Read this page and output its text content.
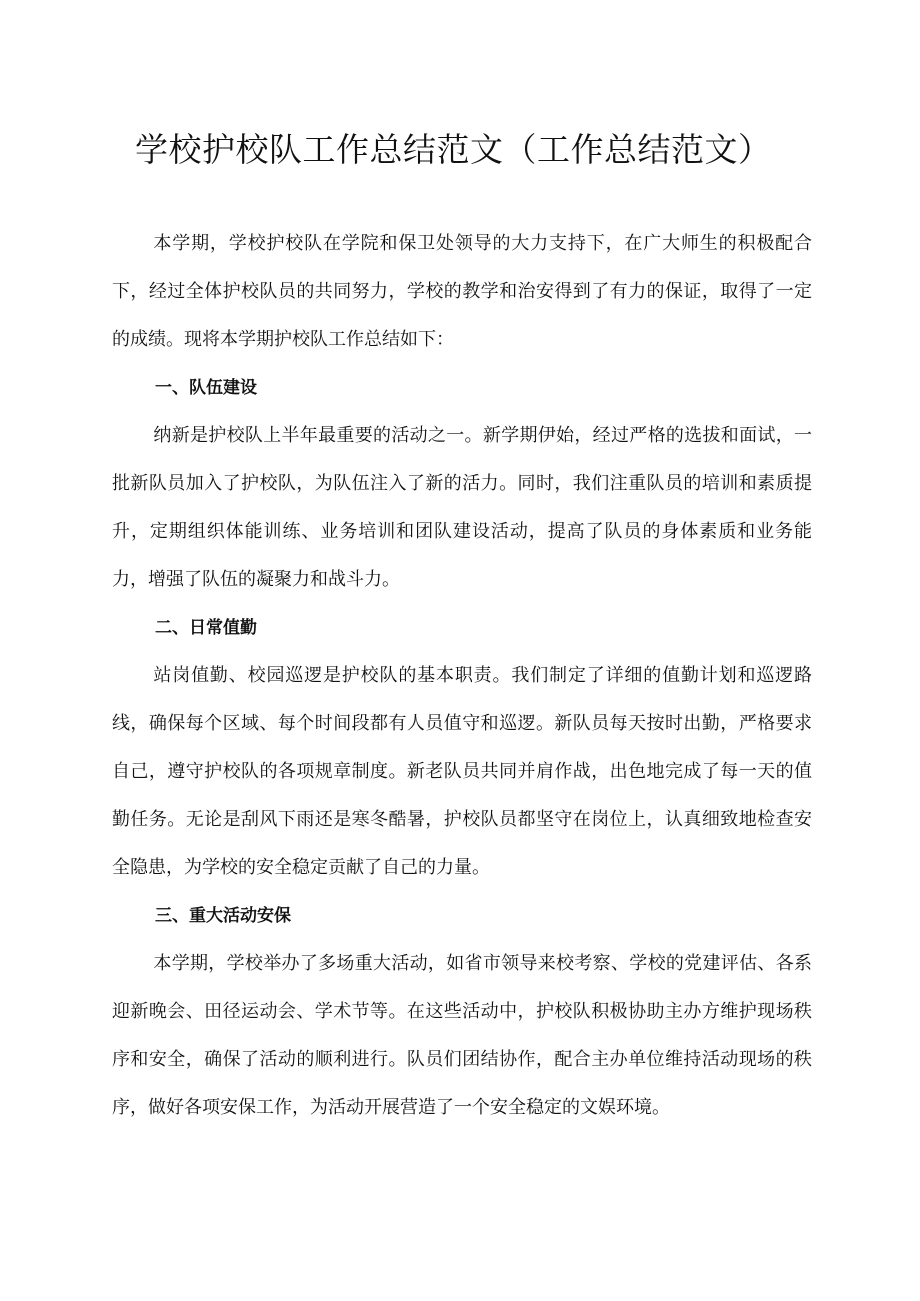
学校护校队工作总结范文（工作总结范文）

本学期，学校护校队在学院和保卫处领导的大力支持下，在广大师生的积极配合下，经过全体护校队员的共同努力，学校的教学和治安得到了有力的保证，取得了一定的成绩。现将本学期护校队工作总结如下：

一、队伍建设

纳新是护校队上半年最重要的活动之一。新学期伊始，经过严格的选拔和面试，一批新队员加入了护校队，为队伍注入了新的活力。同时，我们注重队员的培训和素质提升，定期组织体能训练、业务培训和团队建设活动，提高了队员的身体素质和业务能力，增强了队伍的凝聚力和战斗力。

二、日常值勤

站岗值勤、校园巡逻是护校队的基本职责。我们制定了详细的值勤计划和巡逻路线，确保每个区域、每个时间段都有人员值守和巡逻。新队员每天按时出勤，严格要求自己，遵守护校队的各项规章制度。新老队员共同并肩作战，出色地完成了每一天的值勤任务。无论是刮风下雨还是寒冬酷暑，护校队员都坚守在岗位上，认真细致地检查安全隐患，为学校的安全稳定贡献了自己的力量。

三、重大活动安保

本学期，学校举办了多场重大活动，如省市领导来校考察、学校的党建评估、各系迎新晚会、田径运动会、学术节等。在这些活动中，护校队积极协助主办方维护现场秩序和安全，确保了活动的顺利进行。队员们团结协作，配合主办单位维持活动现场的秩序，做好各项安保工作，为活动开展营造了一个安全稳定的文娱环境。
